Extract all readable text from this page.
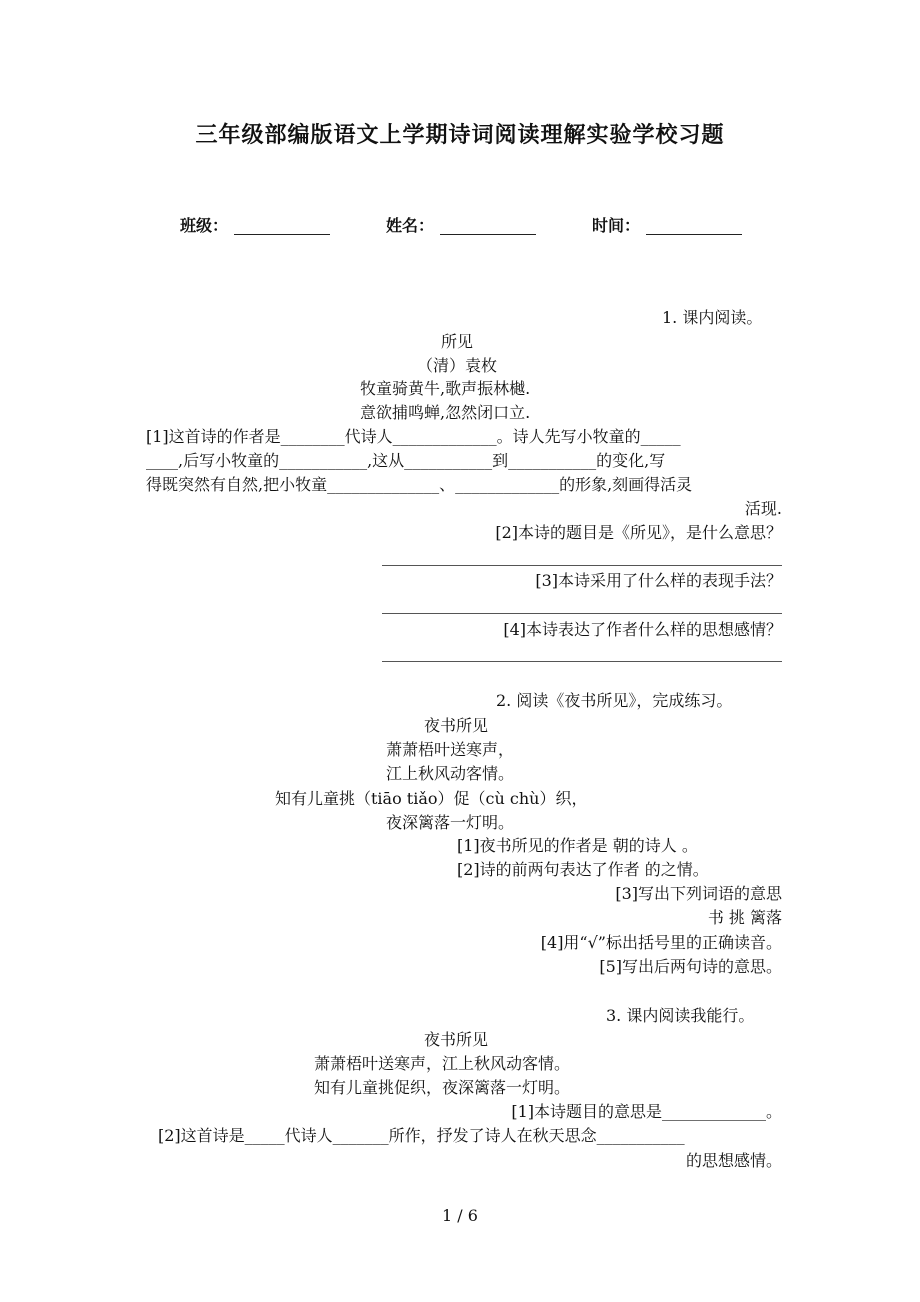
三年级部编版语文上学期诗词阅读理解实验学校习题
班级：	姓名：	时间：
1. 课内阅读。
所见
（清）袁枚
牧童骑黄牛,歌声振林樾.
意欲捕鸣蝉,忽然闭口立.
[1]这首诗的作者是________代诗人_____________。诗人先写小牧童的_____
____,后写小牧童的___________,这从___________到___________的变化,写
得既突然有自然,把小牧童______________、_____________的形象,刻画得活灵
活现.
[2]本诗的题目是《所见》，是什么意思？
[3]本诗采用了什么样的表现手法？
[4]本诗表达了作者什么样的思想感情？
2. 阅读《夜书所见》，完成练习。
夜书所见
萧萧梧叶送寒声，
江上秋风动客情。
知有儿童挑（tiāo tiǎo）促（cù chù）织，
夜深篱落一灯明。
[1]夜书所见的作者是 朝的诗人 。
[2]诗的前两句表达了作者 的之情。
[3]写出下列词语的意思
书 挑 篱落
[4]用“√”标出括号里的正确读音。
[5]写出后两句诗的意思。
3. 课内阅读我能行。
夜书所见
萧萧梧叶送寒声，江上秋风动客情。
知有儿童挑促织，夜深篱落一灯明。
[1]本诗题目的意思是_____________。
[2]这首诗是_____代诗人_______所作，抒发了诗人在秋天思念___________
的思想感情。
1 / 6
